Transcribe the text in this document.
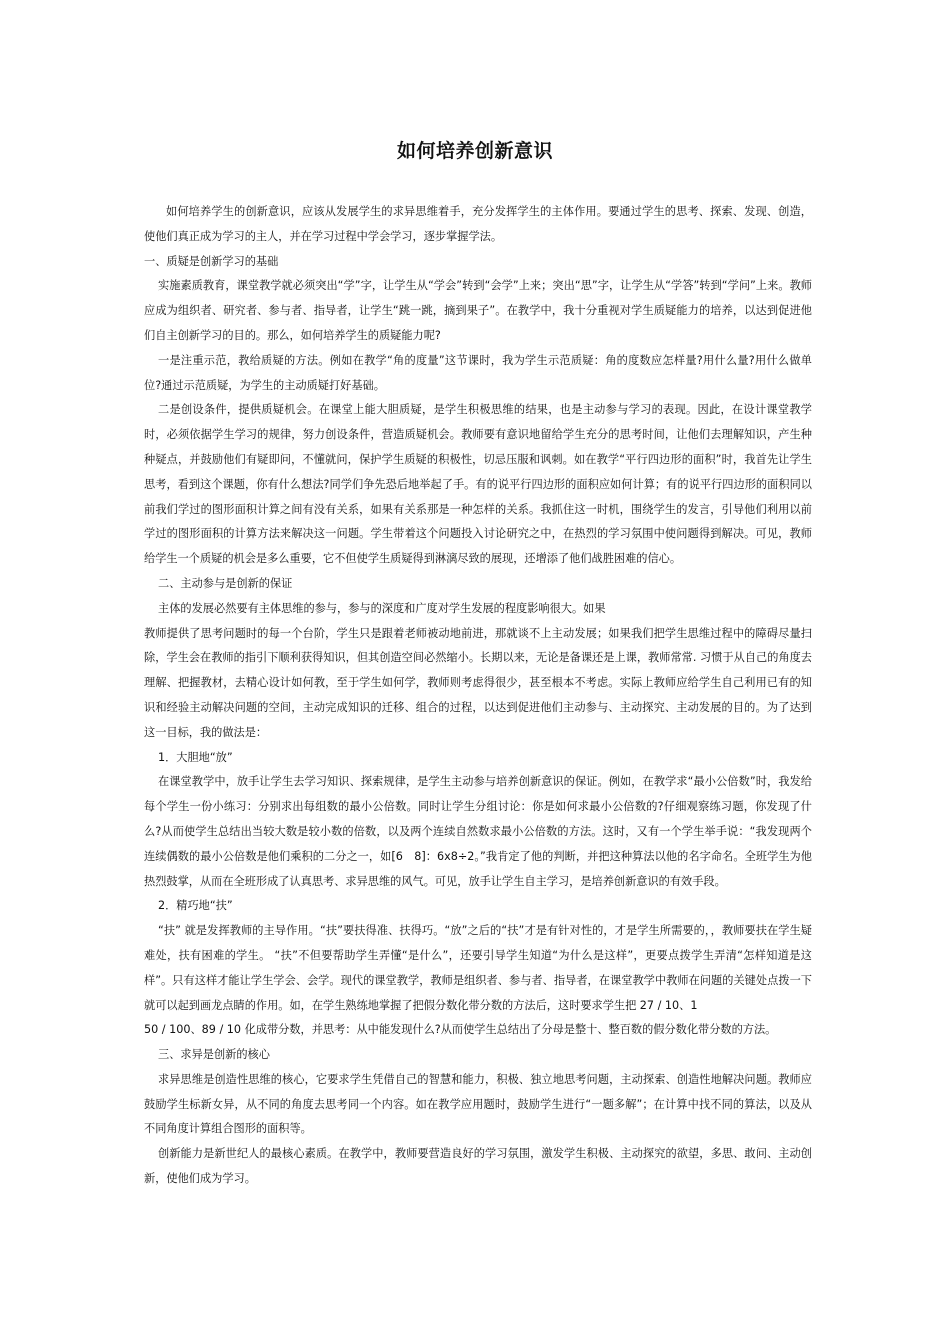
如何培养创新意识

如何培养学生的创新意识，应该从发展学生的求异思维着手，充分发挥学生的主体作用。要通过学生的思考、探索、发现、创造，使他们真正成为学习的主人，并在学习过程中学会学习，逐步掌握学法。

一、质疑是创新学习的基础

实施素质教育，课堂教学就必须突出“学”字，让学生从“学会”转到“会学”上来；突出“思”字，让学生从“学答”转到“学问”上来。教师应成为组织者、研究者、参与者、指导者，让学生“跳一跳，摘到果子”。在教学中，我十分重视对学生质疑能力的培养，以达到促进他们自主创新学习的目的。那么，如何培养学生的质疑能力呢?

一是注重示范，教给质疑的方法。例如在教学“角的度量”这节课时，我为学生示范质疑：角的度数应怎样量?用什么量?用什么做单位?通过示范质疑，为学生的主动质疑打好基础。

二是创设条件，提供质疑机会。在课堂上能大胆质疑，是学生积极思维的结果，也是主动参与学习的表现。因此，在设计课堂教学时，必须依据学生学习的规律，努力创设条件，营造质疑机会。教师要有意识地留给学生充分的思考时间，让他们去理解知识，产生种种疑点，并鼓励他们有疑即问，不懂就问，保护学生质疑的积极性，切忌压服和讽刺。如在教学“平行四边形的面积”时，我首先让学生思考，看到这个课题，你有什么想法?同学们争先恐后地举起了手。有的说平行四边形的面积应如何计算；有的说平行四边形的面积同以前我们学过的图形面积计算之间有没有关系，如果有关系那是一种怎样的关系。我抓住这一时机，围绕学生的发言，引导他们利用以前学过的图形面积的计算方法来解决这一问题。学生带着这个问题投入讨论研究之中，在热烈的学习氛围中使问题得到解决。可见，教师给学生一个质疑的机会是多么重要，它不但使学生质疑得到淋漓尽致的展现，还增添了他们战胜困难的信心。

二、主动参与是创新的保证

主体的发展必然要有主体思维的参与，参与的深度和广度对学生发展的程度影响很大。如果

教师提供了思考问题时的每一个台阶，学生只是跟着老师被动地前进，那就谈不上主动发展；如果我们把学生思维过程中的障碍尽量扫除，学生会在教师的指引下顺利获得知识，但其创造空间必然缩小。长期以来，无论是备课还是上课，教师常常. 习惯于从自己的角度去理解、把握教材，去精心设计如何教，至于学生如何学，教师则考虑得很少，甚至根本不考虑。实际上教师应给学生自己利用已有的知识和经验主动解决问题的空间，主动完成知识的迁移、组合的过程，以达到促进他们主动参与、主动探究、主动发展的目的。为了达到这一目标，我的做法是：

1．大胆地“放”

在课堂教学中，放手让学生去学习知识、探索规律，是学生主动参与培养创新意识的保证。例如，在教学求“最小公倍数”时，我发给每个学生一份小练习：分别求出每组数的最小公倍数。同时让学生分组讨论：你是如何求最小公倍数的?仔细观察练习题，你发现了什么?从而使学生总结出当较大数是较小数的倍数，以及两个连续自然数求最小公倍数的方法。这时，又有一个学生举手说：“我发现两个连续偶数的最小公倍数是他们乘积的二分之一，如[6　8]：6x8÷2。”我肯定了他的判断，并把这种算法以他的名字命名。全班学生为他热烈鼓掌，从而在全班形成了认真思考、求异思维的风气。可见，放手让学生自主学习，是培养创新意识的有效手段。

2．精巧地“扶”

“扶” 就是发挥教师的主导作用。“扶”要扶得准、扶得巧。“放”之后的“扶”才是有针对性的，才是学生所需要的，，教师要扶在学生疑难处，扶有困难的学生。 “扶”不但要帮助学生弄懂“是什么”，还要引导学生知道“为什么是这样”，更要点拨学生弄清“怎样知道是这样”。只有这样才能让学生学会、会学。现代的课堂教学，教师是组织者、参与者、指导者，在课堂教学中教师在问题的关键处点拨一下就可以起到画龙点睛的作用。如，在学生熟练地掌握了把假分数化带分数的方法后，这时要求学生把 27 / 10、1

50 / 100、89 / 10 化成带分数，并思考：从中能发现什么?从而使学生总结出了分母是整十、整百数的假分数化带分数的方法。

三、求异是创新的核心

求异思维是创造性思维的核心，它要求学生凭借自己的智慧和能力，积极、独立地思考问题，主动探索、创造性地解决问题。教师应鼓励学生标新女异，从不同的角度去思考同一个内容。如在教学应用题时，鼓励学生进行“一题多解”；在计算中找不同的算法，以及从不同角度计算组合图形的面积等。

创新能力是新世纪人的最核心素质。在教学中，教师要营造良好的学习氛围，激发学生积极、主动探究的欲望，多思、敢问、主动创新，使他们成为学习。
